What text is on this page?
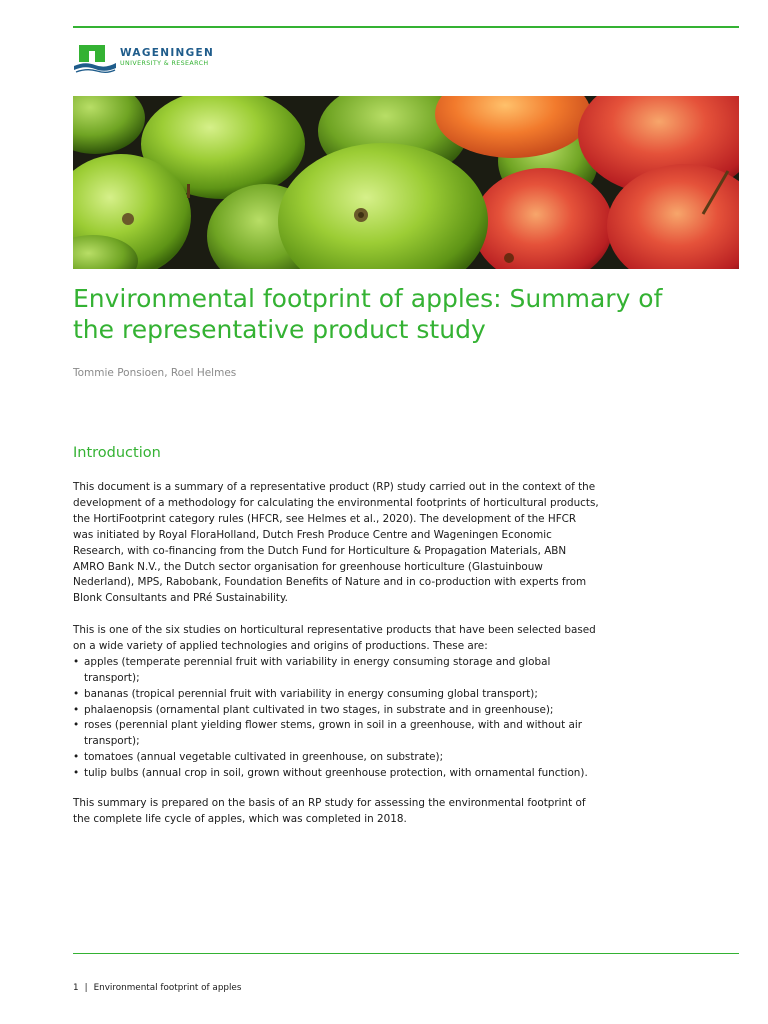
WAGENINGEN
UNIVERSITY & RESEARCH
Environmental footprint of apples: Summary of
the representative product study
Tommie Ponsioen, Roel Helmes
Introduction

This document is a summary of a representative product (RP) study carried out in the context of the
development of a methodology for calculating the environmental footprints of horticultural products,
the HortiFootprint category rules (HFCR, see Helmes et al., 2020). The development of the HFCR
was initiated by Royal FloraHolland, Dutch Fresh Produce Centre and Wageningen Economic
Research, with co-financing from the Dutch Fund for Horticulture & Propagation Materials, ABN
AMRO Bank N.V., the Dutch sector organisation for greenhouse horticulture (Glastuinbouw
Nederland), MPS, Rabobank, Foundation Benefits of Nature and in co-production with experts from
Blonk Consultants and PRé Sustainability.

This is one of the six studies on horticultural representative products that have been selected based
on a wide variety of applied technologies and origins of productions. These are:

• apples (temperate perennial fruit with variability in energy consuming storage and global
transport);
• bananas (tropical perennial fruit with variability in energy consuming global transport);
• phalaenopsis (ornamental plant cultivated in two stages, in substrate and in greenhouse);
• roses (perennial plant yielding flower stems, grown in soil in a greenhouse, with and without air
transport);
• tomatoes (annual vegetable cultivated in greenhouse, on substrate);
• tulip bulbs (annual crop in soil, grown without greenhouse protection, with ornamental function).

This summary is prepared on the basis of an RP study for assessing the environmental footprint of
the complete life cycle of apples, which was completed in 2018.

1 | Environmental footprint of apples
